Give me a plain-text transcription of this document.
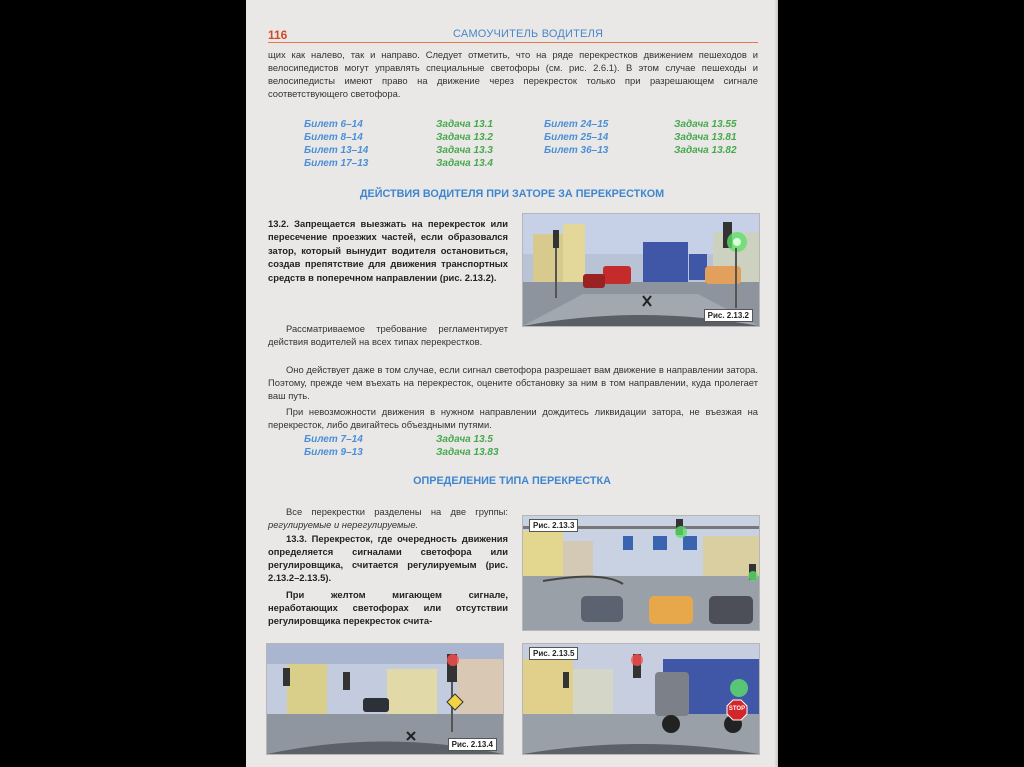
116	САМОУЧИТЕЛЬ ВОДИТЕЛЯ
щих как налево, так и направо. Следует отметить, что на ряде перекрестков движением пешеходов и велосипедистов могут управлять специальные светофоры (см. рис. 2.6.1). В этом случае пешеходы и велосипедисты имеют право на движение через перекресток только при разрешающем сигнале соответствующего светофора.
Билет 6–14
Билет 8–14
Билет 13–14
Билет 17–13
Задача 13.1
Задача 13.2
Задача 13.3
Задача 13.4
Билет 24–15
Билет 25–14
Билет 36–13
Задача 13.55
Задача 13.81
Задача 13.82
ДЕЙСТВИЯ ВОДИТЕЛЯ ПРИ ЗАТОРЕ ЗА ПЕРЕКРЕСТКОМ
13.2. Запрещается выезжать на перекресток или пересечение проезжих частей, если образовался затор, который вынудит водителя остановиться, создав препятствие для движения транспортных средств в поперечном направлении (рис. 2.13.2).
Рассматриваемое требование регламентирует действия водителей на всех типах перекрестков.
Рис. 2.13.2
Оно действует даже в том случае, если сигнал светофора разрешает вам движение в направлении затора. Поэтому, прежде чем въехать на перекресток, оцените обстановку за ним в том направлении, куда пролегает ваш путь.
При невозможности движения в нужном направлении дождитесь ликвидации затора, не въезжая на перекресток, либо двигайтесь объездными путями.
Билет 7–14
Билет 9–13
Задача 13.5
Задача 13.83
ОПРЕДЕЛЕНИЕ ТИПА ПЕРЕКРЕСТКА
Все перекрестки разделены на две группы: регулируемые и нерегулируемые.
13.3. Перекресток, где очередность движения определяется сигналами светофора или регулировщика, считается регулируемым (рис. 2.13.2–2.13.5).
При желтом мигающем сигнале, неработающих светофорах или отсутствии регулировщика перекресток счита-
Рис. 2.13.3
Рис. 2.13.4
Рис. 2.13.5
STOP
